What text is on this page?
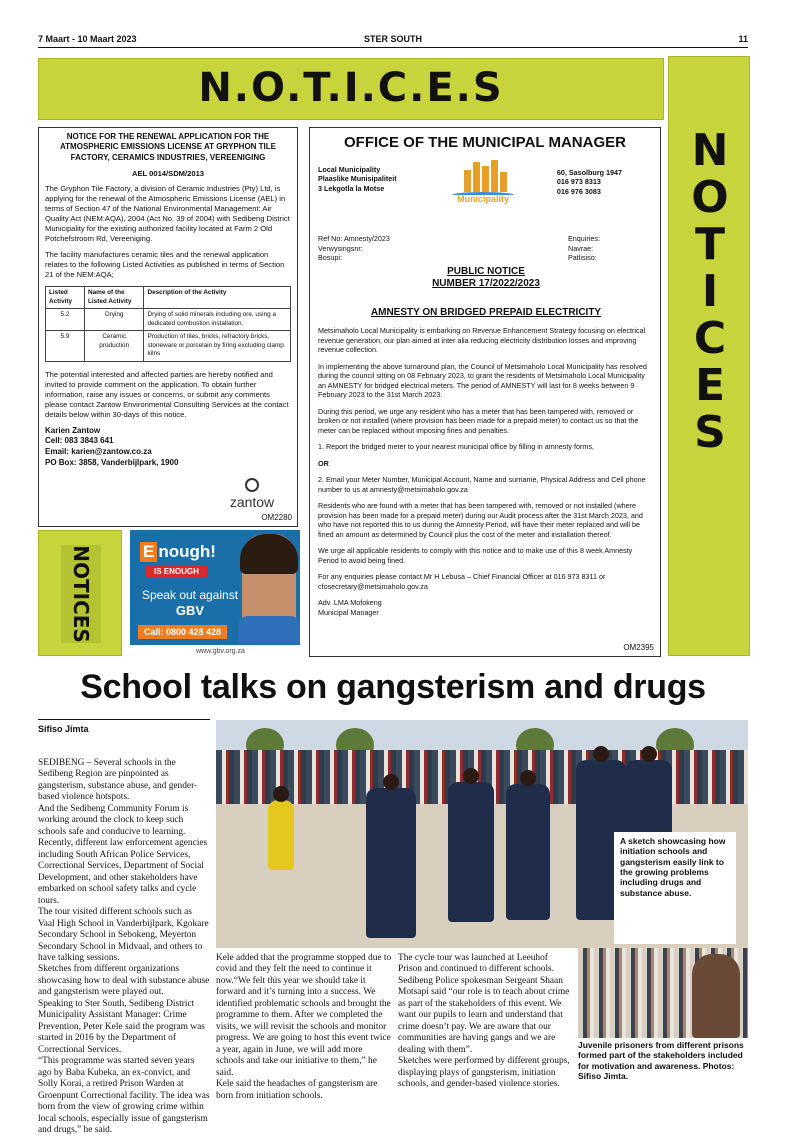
7 Maart - 10 Maart 2023	STER SOUTH	11
N.O.T.I.C.E.S
N
O
T
I
C
E
S
NOTICE FOR THE RENEWAL APPLICATION FOR THE ATMOSPHERIC EMISSIONS LICENSE AT GRYPHON TILE FACTORY, CERAMICS INDUSTRIES, VEREENIGING
AEL 0014/SDM/2013

The Gryphon Tile Factory, a division of Ceramic Industries (Pty) Ltd, is applying for the renewal of the Atmospheric Emissions License (AEL) in terms of Section 47 of the National Environmental Management: Air Quality Act (NEM:AQA), 2004 (Act No. 39 of 2004) with Sedibeng District Municipality for the existing authorized facility located at Farm 2 Old Potchefstroom Rd, Vereeniging.

The facility manufactures ceramic tiles and the renewal application relates to the following Listed Activities as published in terms of Section 21 of the NEM:AQA;

Listed Activity	Name of the Listed Activity	Description of the Activity
5.2	Drying	Drying of solid minerals including ore, using a dedicated combustion installation.
5.9	Ceramic production	Production of tiles, bricks, refractory bricks, stoneware or porcelain by firing excluding clamp kilns

The potential interested and affected parties are hereby notified and invited to provide comment on the application. To obtain further information, raise any issues or concerns, or submit any comments please contact Zantow Environmental Consulting Services at the contact details below within 30-days of this notice.

Karien Zantow
Cell: 083 3843 641
Email: karien@zantow.co.za
PO Box: 3858, Vanderbijlpark, 1900
zantow
OM2280
OFFICE OF THE MUNICIPAL MANAGER
Local Municipality
Plaaslike Munisipaliteit
3 Lekgotla la Motse
Municipality
60, Sasolburg 1947
016 973 8313
016 976 3083
Ref No: Amnesty/2023
Verwysingsnr:
Bosupi:
Enquiries:
Navrae:
Patlisiso:
PUBLIC NOTICE
NUMBER 17/2022/2023
AMNESTY ON BRIDGED PREPAID ELECTRICITY

Metsimaholo Local Municipality is embarking on Revenue Enhancement Strategy focusing on electrical revenue generation, our plan aimed at inter alia reducing electricity distribution losses and improving revenue collection.

In implementing the above turnaround plan, the Council of Metsimaholo Local Municipality has resolved during the council sitting on 08 February 2023, to grant the residents of Metsimaholo Local Municipality an AMNESTY for bridged electrical meters. The period of AMNESTY will last for 8 weeks between 9 February 2023 to the 31st March 2023.

During this period, we urge any resident who has a meter that has been tampered with, removed or broken or not installed (where provision has been made for a prepaid meter) to contact us so that the meter can be replaced without imposing fines and penalties.

1. Report the bridged meter to your nearest municipal office by filling in amnesty forms,

OR

2. Email your Meter Number, Municipal Account, Name and surname, Physical Address and Cell phone number to us at amnesty@metsimaholo.gov.za

Residents who are found with a meter that has been tampered with, removed or not installed (where provision has been made for a prepaid meter) during our Audit process after the 31st March 2023, and who have not reported this to us during the Amnesty Period, will have their meter replaced and will be fined an amount as determined by Council plus the cost of the meter and installation thereof.

We urge all applicable residents to comply with this notice and to make use of this 8 week Amnesty Period to avoid being fined.

For any enquiries please contact Mr H Lebusa – Chief Financial Officer at 016 973 8311 or cfosecretary@metsimaholo.gov.za

Adv. LMA Mofokeng
Municipal Manager
OM2395
NOTICES	E nough!
IS ENOUGH
Speak out against
GBV
Call: 0800 428 428
www.gbv.org.za
School talks on gangsterism and drugs
Sifiso Jimta
A sketch showcasing how initiation schools and gangsterism easily link to the growing problems including drugs and substance abuse.
Juvenile prisoners from different prisons formed part of the stakeholders included for motivation and awareness. Photos: Sifiso Jimta.

SEDIBENG – Several schools in the Sedibeng Region are pinpointed as gangsterism, substance abuse, and gender-based violence hotspots.

And the Sedibeng Community Forum is working around the clock to keep such schools safe and conducive to learning.

Recently, different law enforcement agencies including South African Police Services, Correctional Services, Department of Social Development, and other stakeholders have embarked on school safety talks and cycle tours.

The tour visited different schools such as Vaal High School in Vanderbijlpark, Kgokare Secondary School in Sebokeng, Meyerton Secondary School in Midvaal, and others to have talking sessions.

Sketches from different organizations showcasing how to deal with substance abuse and gangsterism were played out.

Speaking to Ster South, Sedibeng District Municipality Assistant Manager: Crime Prevention, Peter Kele said the program was started in 2016 by the Department of Correctional Services.

“This programme was started seven years ago by Baba Kubeka, an ex-convict, and Solly Korai, a retired Prison Warden at Groenpunt Correctional facility. The idea was born from the view of growing crime within local schools, especially issue of gangsterism and drugs,” he said.

Kele added that the programme stopped due to covid and they felt the need to continue it now.“We felt this year we should take it forward and it’s turning into a success. We identified problematic schools and brought the programme to them. After we completed the visits, we will revisit the schools and monitor progress. We are going to host this event twice a year, again in June, we will add more schools and take our initiative to them,” he said.

Kele said the headaches of gangsterism are born from initiation schools.

The cycle tour was launched at Leeuhof Prison and continued to different schools.

Sedibeng Police spokesman Sergeant Shaan Motsapi said “our role is to teach about crime as part of the stakeholders of this event. We want our pupils to learn and understand that crime doesn’t pay. We are aware that our communities are having gangs and we are dealing with them”.

Sketches were performed by different groups, displaying plays of gangsterism, initiation schools, and gender-based violence stories.
